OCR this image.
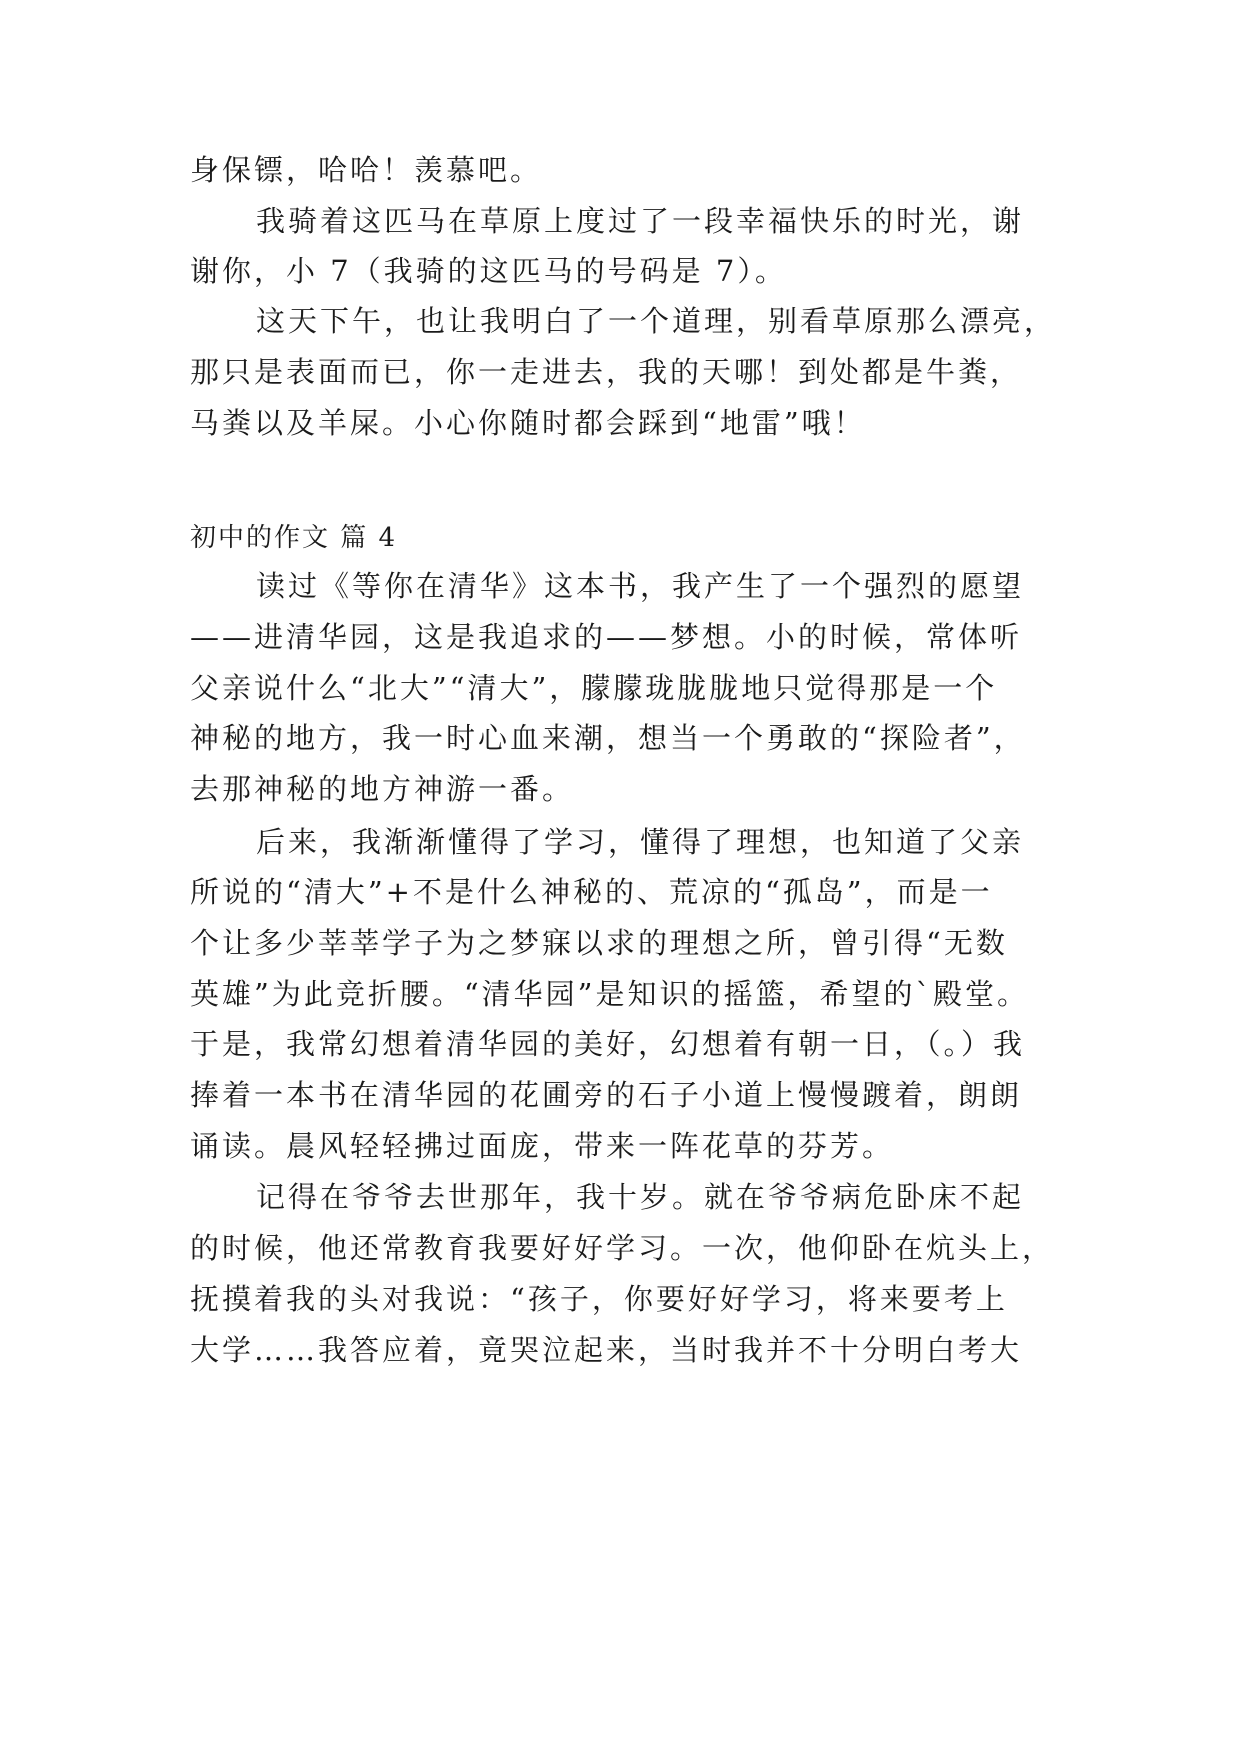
身保镖，哈哈！羡慕吧。
我骑着这匹马在草原上度过了一段幸福快乐的时光，谢
谢你，小 7（我骑的这匹马的号码是 7）。
这天下午，也让我明白了一个道理，别看草原那么漂亮，
那只是表面而已，你一走进去，我的天哪！到处都是牛粪，
马粪以及羊屎。小心你随时都会踩到“地雷”哦！
初中的作文 篇 4
读过《等你在清华》这本书，我产生了一个强烈的愿望
——进清华园，这是我追求的——梦想。小的时候，常体听
父亲说什么“北大”“清大”，朦朦珑胧胧地只觉得那是一个
神秘的地方，我一时心血来潮，想当一个勇敢的“探险者”，
去那神秘的地方神游一番。
后来，我渐渐懂得了学习，懂得了理想，也知道了父亲
所说的“清大”+不是什么神秘的、荒凉的“孤岛”，而是一
个让多少莘莘学子为之梦寐以求的理想之所，曾引得“无数
英雄”为此竞折腰。“清华园”是知识的摇篮，希望的`殿堂。
于是，我常幻想着清华园的美好，幻想着有朝一日，（。）我
捧着一本书在清华园的花圃旁的石子小道上慢慢踱着，朗朗
诵读。晨风轻轻拂过面庞，带来一阵花草的芬芳。
记得在爷爷去世那年，我十岁。就在爷爷病危卧床不起
的时候，他还常教育我要好好学习。一次，他仰卧在炕头上，
抚摸着我的头对我说：“孩子，你要好好学习，将来要考上
大学……我答应着，竟哭泣起来，当时我并不十分明白考大
